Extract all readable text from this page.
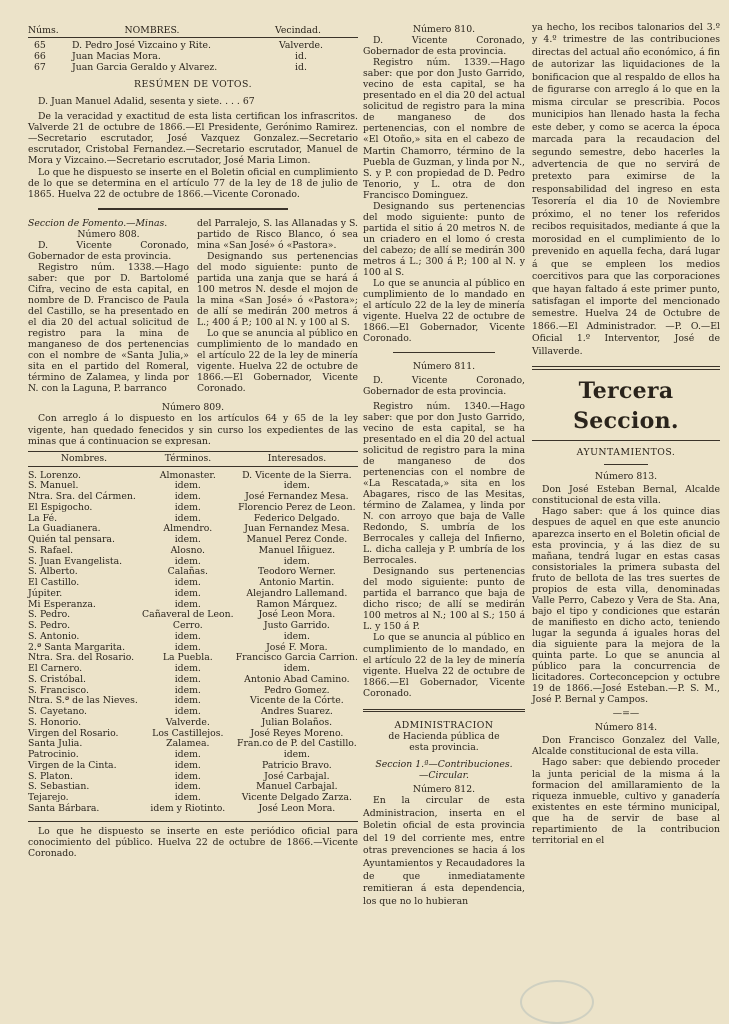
Núms.	NOMBRES.	Vecindad.
65	D. Pedro José Vizcaino y Rite.	Valverde.
66	Juan Macias Mora.	id.
67	Juan Garcia Geraldo y Alvarez.	id.
RESÚMEN DE VOTOS.

D. Juan Manuel Adalid, sesenta y siete. . . . 67

De la veracidad y exactitud de esta lista certifican los infrascritos. Valverde 21 de octubre de 1866.—El Presidente, Gerónimo Ramirez. —Secretario escrutador, José Vazquez Gonzalez.—Secretario escrutador, Cristobal Fernandez.—Secretario escrutador, Manuel de Mora y Vizcaino.—Secretario escrutador, José Maria Limon.

Lo que he dispuesto se inserte en el Boletin oficial en cumplimiento de lo que se determina en el artículo 77 de la ley de 18 de julio de 1865. Huelva 22 de octubre de 1866.—Vicente Coronado.

Seccion de Fomento.—Minas.
Número 808.

D. Vicente Coronado, Gobernador de esta provincia.

Registro núm. 1338.—Hago saber: que por D. Bartolomé Cifra, vecino de esta capital, en nombre de D. Francisco de Paula del Castillo, se ha presentado en el dia 20 del actual solicitud de registro para la mina de manganeso de dos pertenencias con el nombre de «Santa Julia,» sita en el partido del Romeral, término de Zalamea, y linda por N. con la Laguna, P. barranco

del Parralejo, S. las Allanadas y S. partido de Risco Blanco, ó sea mina «San José» ó «Pastora».

Designando sus pertenencias del modo siguiente: punto de partida una zanja que se hará á 100 metros N. desde el mojon de la mina «San José» ó «Pastora»; de allí se medirán 200 metros á L.; 400 á P.; 100 al N. y 100 al S.

Lo que se anuncia al público en cumplimiento de lo mandado en el artículo 22 de la ley de minería vigente. Huelva 22 de octubre de 1866.—El Gobernador, Vicente Coronado.

Número 809.

Con arreglo á lo dispuesto en los artículos 64 y 65 de la ley vigente, han quedado fenecidos y sin curso los expedientes de las minas que á continuacion se expresan.

Nombres.	Términos.	Interesados.
S. Lorenzo.	Almonaster.	D. Vicente de la Sierra.
S. Manuel.	idem.	idem.
Ntra. Sra. del Cármen.	idem.	José Fernandez Mesa.
El Espigocho.	idem.	Florencio Perez de Leon.
La Fé.	idem.	Federico Delgado.
La Guadianera.	Almendro.	Juan Fernandez Mesa.
Quién tal pensara.	idem.	Manuel Perez Conde.
S. Rafael.	Alosno.	Manuel Iñiguez.
S. Juan Evangelista.	idem.	idem.
S. Alberto.	Calañas.	Teodoro Werner.
El Castillo.	idem.	Antonio Martin.
Júpiter.	idem.	Alejandro Lallemand.
Mi Esperanza.	idem.	Ramon Márquez.
S. Pedro.	Cañaveral de Leon.	José Leon Mora.
S. Pedro.	Cerro.	Justo Garrido.
S. Antonio.	idem.	idem.
2.ª Santa Margarita.	idem.	José F. Mora.
Ntra. Sra. del Rosario.	La Puebla.	Francisco Garcia Carrion.
El Carnero.	idem.	idem.
S. Cristóbal.	idem.	Antonio Abad Camino.
S. Francisco.	idem.	Pedro Gomez.
Ntra. S.ª de las Nieves.	idem.	Vicente de la Córte.
S. Cayetano.	idem.	Andres Suarez.
S. Honorio.	Valverde.	Julian Bolaños.
Virgen del Rosario.	Los Castillejos.	José Reyes Moreno.
Santa Julia.	Zalamea.	Fran.co de P. del Castillo.
Patrocinio.	idem.	idem.
Virgen de la Cinta.	idem.	Patricio Bravo.
S. Platon.	idem.	José Carbajal.
S. Sebastian.	idem.	Manuel Carbajal.
Tejarejo.	idem.	Vicente Delgado Zarza.
Santa Bárbara.	idem y Riotinto.	José Leon Mora.

Lo que he dispuesto se inserte en este periódico oficial para conocimiento del público. Huelva 22 de octubre de 1866.—Vicente Coronado.

Número 810.

D. Vicente Coronado, Gobernador de esta provincia.

Registro núm. 1339.—Hago saber: que por don Justo Garrido, vecino de esta capital, se ha presentado en el dia 20 del actual solicitud de registro para la mina de manganeso de dos pertenencias, con el nombre de «El Otoño,» sita en el cabezo de Martin Chamorro, término de la Puebla de Guzman, y linda por N., S. y P. con propiedad de D. Pedro Tenorio, y L. otra de don Francisco Dominguez.

Designando sus pertenencias del modo siguiente: punto de partida el sitio á 20 metros N. de un criadero en el lomo ó cresta del cabezo; de allí se medirán 300 metros á L.; 300 á P.; 100 al N. y 100 al S.

Lo que se anuncia al público en cumplimiento de lo mandado en el artículo 22 de la ley de minería vigente. Huelva 22 de octubre de 1866.—El Gobernador, Vicente Coronado.

Número 811.

D. Vicente Coronado, Gobernador de esta provincia.

Registro núm. 1340.—Hago saber: que por don Justo Garrido, vecino de esta capital, se ha presentado en el dia 20 del actual solicitud de registro para la mina de manganeso de dos pertenencias con el nombre de «La Rescatada,» sita en los Abagares, risco de las Mesitas, término de Zalamea, y linda por N. con arroyo que baja de Valle Redondo, S. umbría de los Berrocales y calleja del Infierno, L. dicha calleja y P. umbría de los Berrocales.

Designando sus pertenencias del modo siguiente: punto de partida el barranco que baja de dicho risco; de allí se medirán 100 metros al N.; 100 al S.; 150 á L. y 150 á P.

Lo que se anuncia al público en cumplimiento de lo mandado, en el artículo 22 de la ley de minería vigente. Huelva 22 de octubre de 1866.—El Gobernador, Vicente Coronado.

ADMINISTRACION
de Hacienda pública de esta provincia.
Seccion 1.ª—Contribuciones.—Circular.
Número 812.

En la circular de esta Administracion, inserta en el Boletin oficial de esta provincia del 19 del corriente mes, entre otras prevenciones se hacia á los Ayuntamientos y Recaudadores la de que inmediatamente remitieran á esta dependencia, los que no lo hubieran

ya hecho, los recibos talonarios del 3.º y 4.º trimestre de las contribuciones directas del actual año económico, á fin de autorizar las liquidaciones de la bonificacion que al respaldo de ellos ha de figurarse con arreglo á lo que en la misma circular se prescribia. Pocos municipios han llenado hasta la fecha este deber, y como se acerca la época marcada para la recaudacion del segundo semestre, debo hacerles la advertencia de que no servirá de pretexto para eximirse de la responsabilidad del ingreso en esta Tesorería el dia 10 de Noviembre próximo, el no tener los referidos recibos requisitados, mediante á que la morosidad en el cumplimiento de lo prevenido en aquella fecha, dará lugar á que se empleen los medios coercitivos para que las corporaciones que hayan faltado á este primer punto, satisfagan el importe del mencionado semestre. Huelva 24 de Octubre de 1866.—El Administrador. —P. O.—El Oficial 1.º Interventor, José de Villaverde.

Tercera Seccion.
AYUNTAMIENTOS.
Número 813.

Don José Esteban Bernal, Alcalde constitucional de esta villa.

Hago saber: que á los quince dias despues de aquel en que este anuncio aparezca inserto en el Boletin oficial de esta provincia, y á las diez de su mañana, tendrá lugar en estas casas consistoriales la primera subasta del fruto de bellota de las tres suertes de propios de esta villa, denominadas Valle Perro, Cabezo y Vera de Sta. Ana, bajo el tipo y condiciones que estarán de manifiesto en dicho acto, teniendo lugar la segunda á iguales horas del dia siguiente para la mejora de la quinta parte. Lo que se anuncia al público para la concurrencia de licitadores. Corteconcepcion y octubre 19 de 1866.—José Esteban.—P. S. M., José P. Bernal y Campos.

—=—
Número 814.

Don Francisco Gonzalez del Valle, Alcalde constitucional de esta villa.

Hago saber: que debiendo proceder la junta pericial de la misma á la formacion del amillaramiento de la riqueza inmueble, cultivo y ganadería existentes en este término municipal, que ha de servir de base al repartimiento de la contribucion territorial en el
